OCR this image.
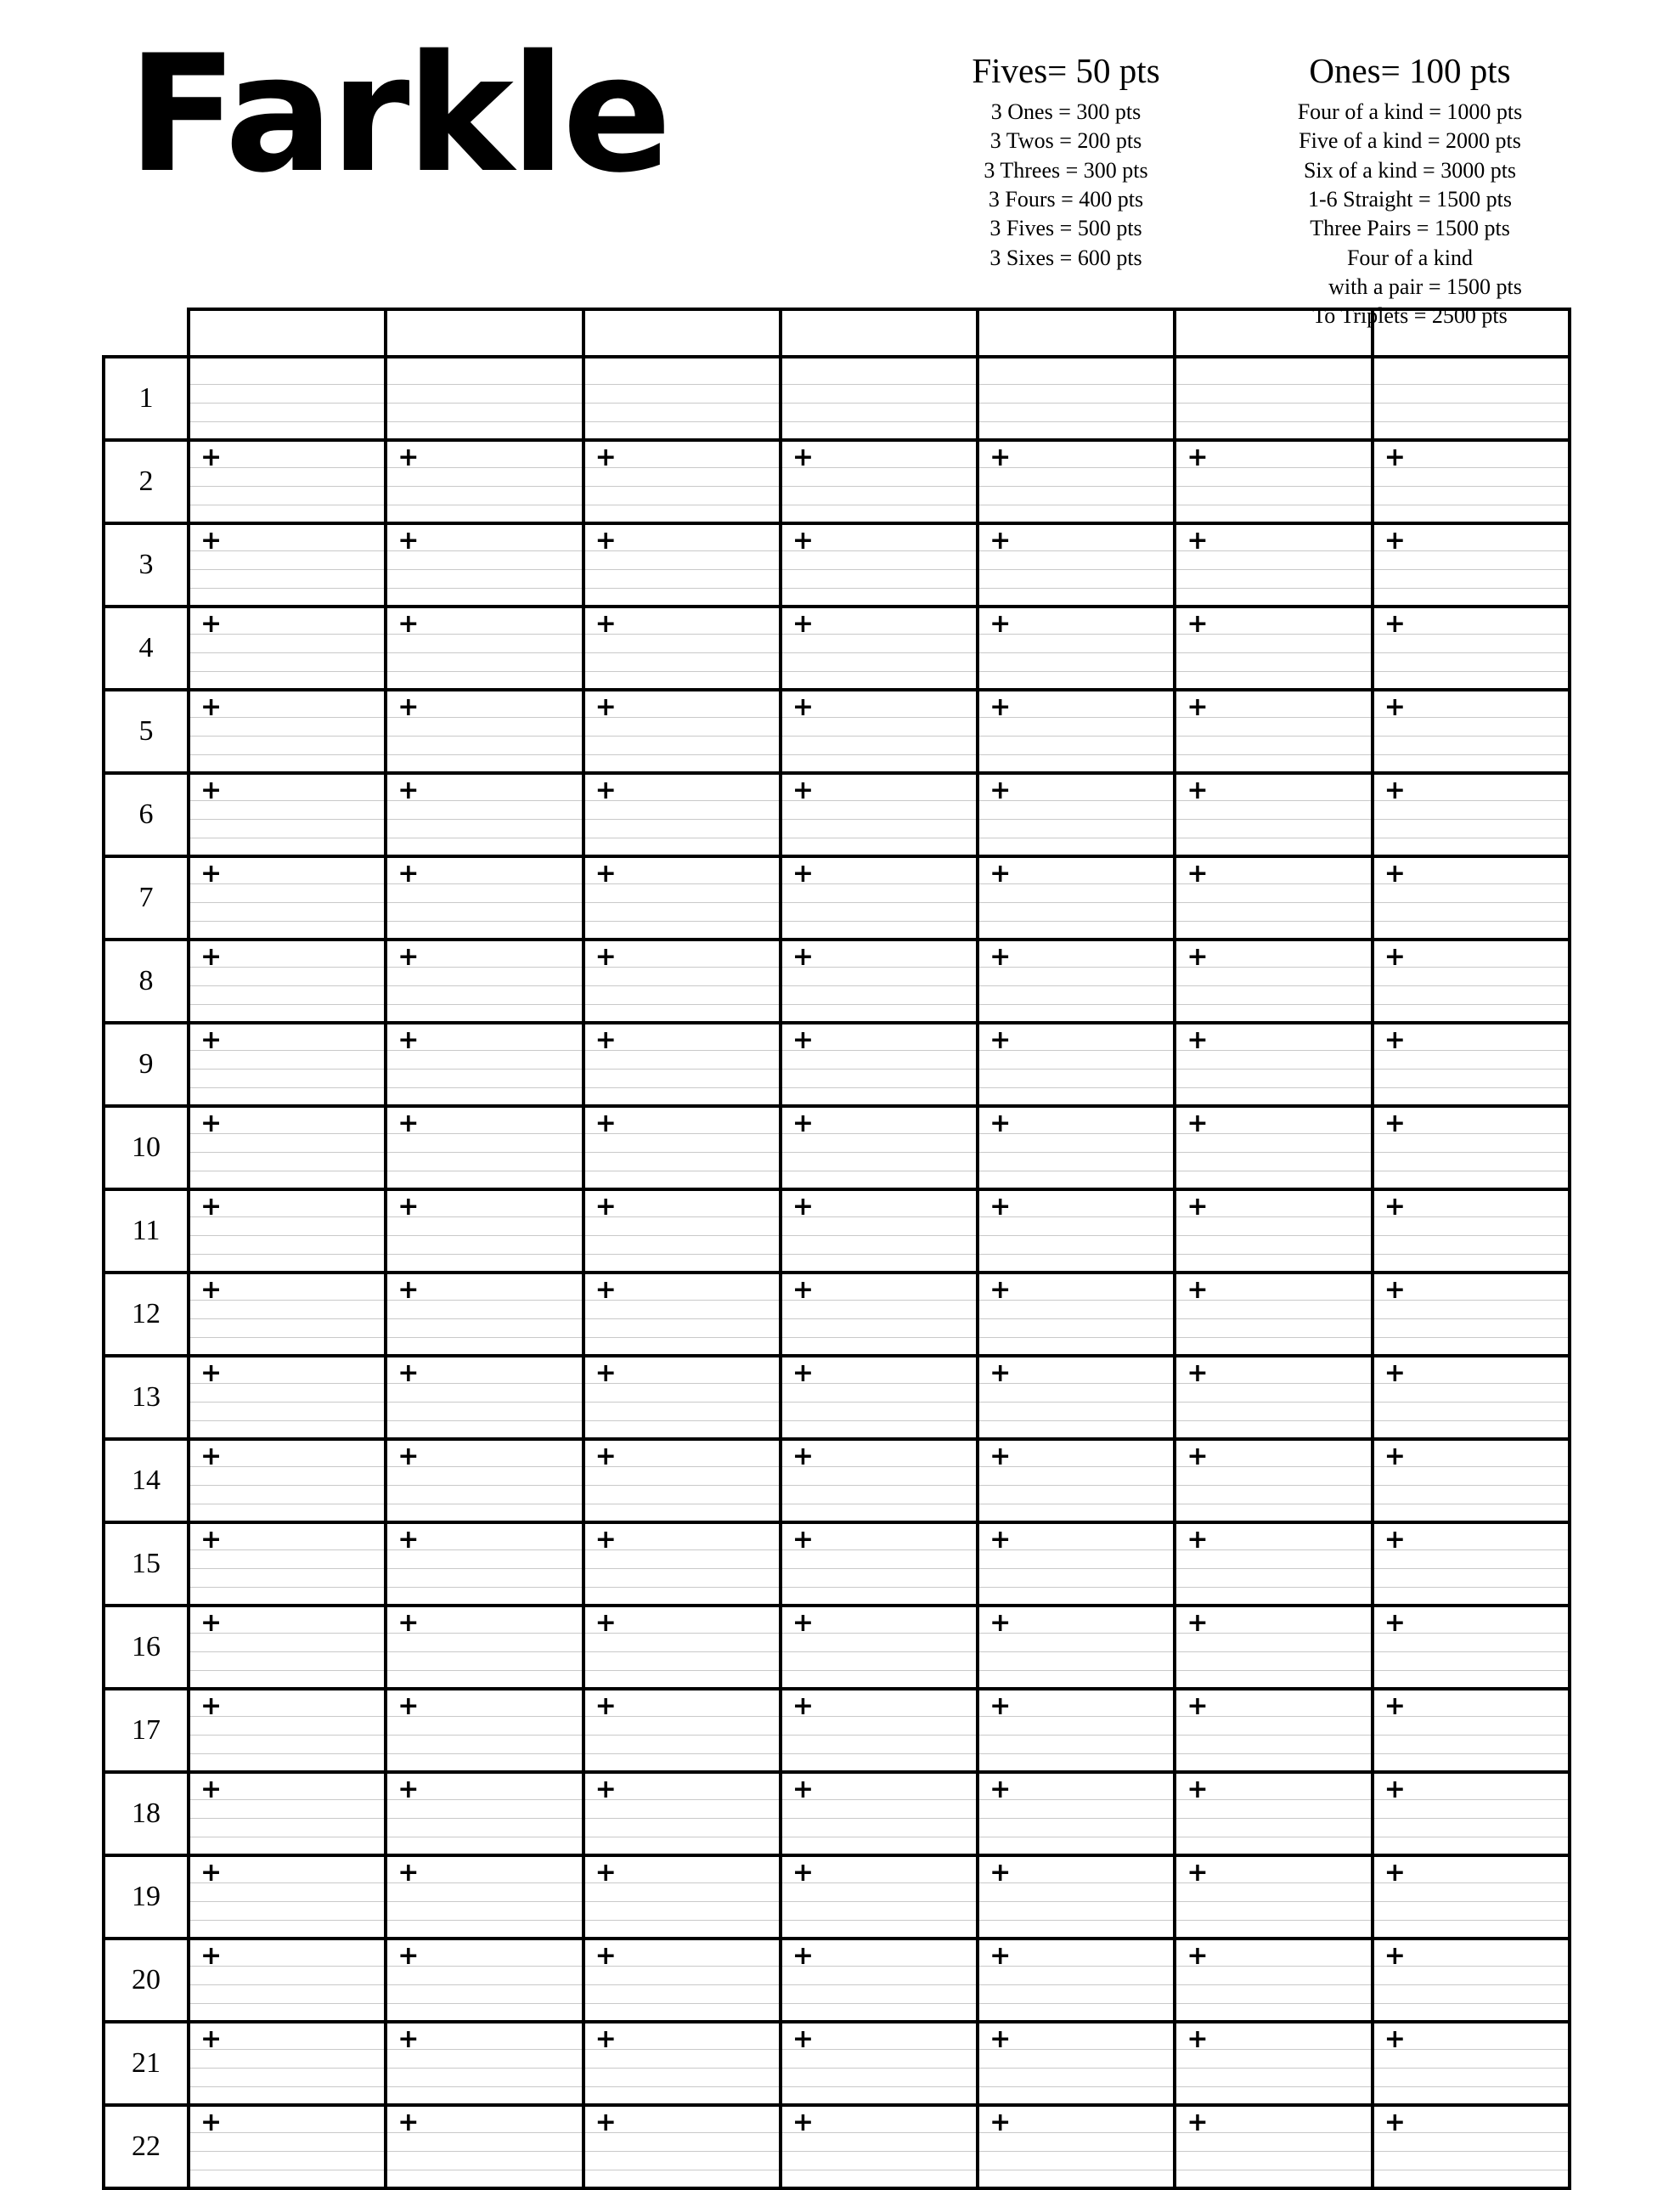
Farkle	Fives= 50 pts
3 Ones = 300 pts
3 Twos = 200 pts
3 Threes = 300 pts
3 Fours = 400 pts
3 Fives = 500 pts
3 Sixes = 600 pts
Ones= 100 pts
Four of a kind = 1000 pts
Five of a kind = 2000 pts
Six of a kind = 3000 pts
1-6 Straight = 1500 pts
Three Pairs = 1500 pts
Four of a kind
with a pair = 1500 pts
To Triplets = 2500 pts

1	

2	+	+	+	+	+	+	+

3	+	+	+	+	+	+	+

4	+	+	+	+	+	+	+

5	+	+	+	+	+	+	+

6	+	+	+	+	+	+	+

7	+	+	+	+	+	+	+

8	+	+	+	+	+	+	+

9	+	+	+	+	+	+	+

10	+	+	+	+	+	+	+

11	+	+	+	+	+	+	+

12	+	+	+	+	+	+	+

13	+	+	+	+	+	+	+

14	+	+	+	+	+	+	+

15	+	+	+	+	+	+	+

16	+	+	+	+	+	+	+

17	+	+	+	+	+	+	+

18	+	+	+	+	+	+	+

19	+	+	+	+	+	+	+

20	+	+	+	+	+	+	+

21	+	+	+	+	+	+	+

22	+	+	+	+	+	+	+
